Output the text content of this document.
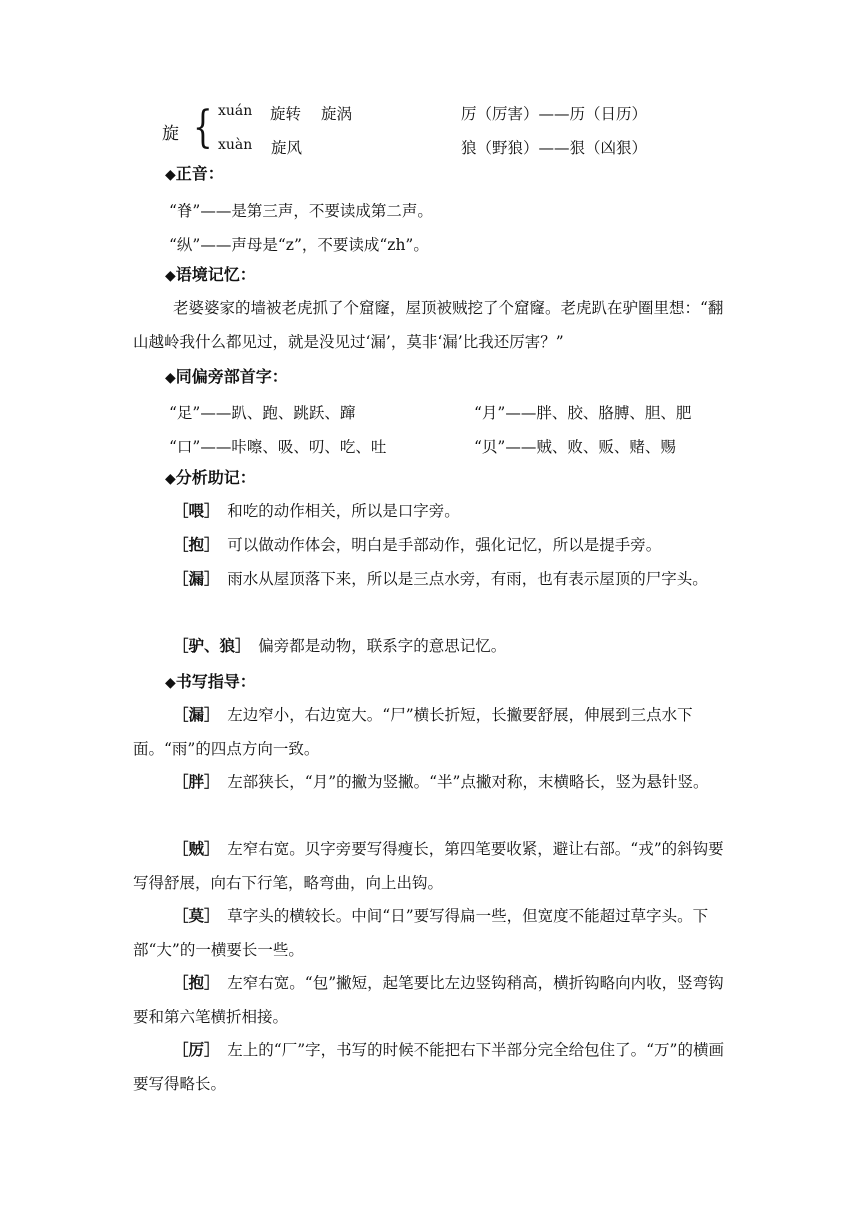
旋 { xuán 旋转 旋涡
xuàn 旋风
厉（厉害）——历（日历）
狼（野狼）——狠（凶狠）
◆正音：
“脊”——是第三声，不要读成第二声。
“纵”——声母是“z”，不要读成“zh”。
◆语境记忆：
老婆婆家的墙被老虎抓了个窟窿，屋顶被贼挖了个窟窿。老虎趴在驴圈里想：“翻山越岭我什么都见过，就是没见过‘漏’，莫非‘漏’比我还厉害？”
◆同偏旁部首字：
“足”——趴、跑、跳跃、蹿	“月”——胖、胶、胳膊、胆、肥
“口”——咔嚓、吸、叨、吃、吐	“贝”——贼、败、贩、赌、赐
◆分析助记：
［喂］　 和吃的动作相关，所以是口字旁。
［抱］　 可以做动作体会，明白是手部动作，强化记忆，所以是提手旁。
［漏］　 雨水从屋顶落下来，所以是三点水旁，有雨，也有表示屋顶的尸字头。
［驴、狼］　 偏旁都是动物，联系字的意思记忆。
◆书写指导：
［漏］　 左边窄小，右边宽大。“尸”横长折短，长撇要舒展，伸展到三点水下面。“雨”的四点方向一致。
［胖］　 左部狭长，“月”的撇为竖撇。“半”点撇对称，末横略长，竖为悬针竖。
［贼］　 左窄右宽。贝字旁要写得瘦长，第四笔要收紧，避让右部。“戎”的斜钩要写得舒展，向右下行笔，略弯曲，向上出钩。
［莫］　 草字头的横较长。中间“日”要写得扁一些，但宽度不能超过草字头。下部“大”的一横要长一些。
［抱］　 左窄右宽。“包”撇短，起笔要比左边竖钩稍高，横折钩略向内收，竖弯钩要和第六笔横折相接。
［厉］　 左上的“厂”字，书写的时候不能把右下半部分完全给包住了。“万”的横画要写得略长。
